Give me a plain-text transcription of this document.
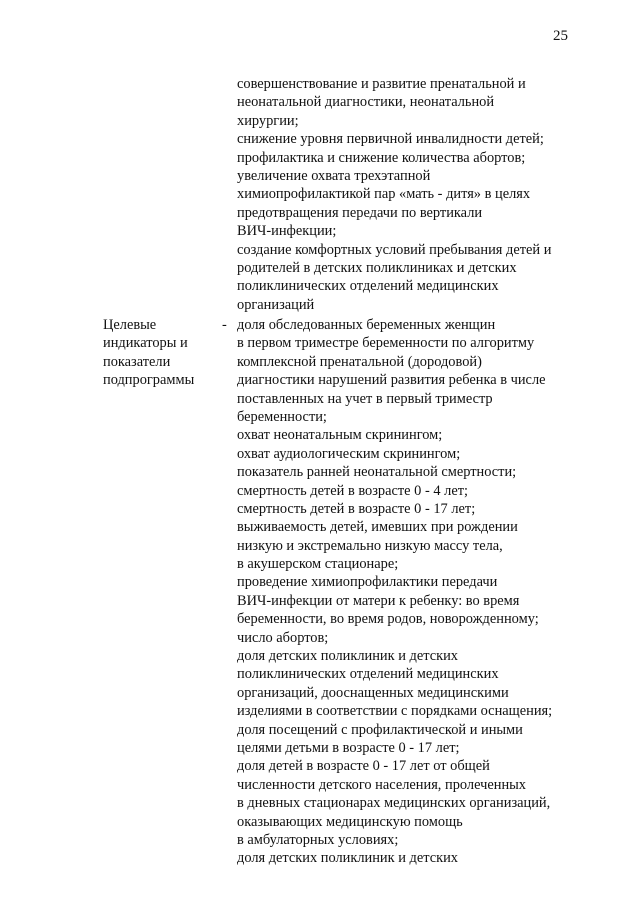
25
совершенствование и развитие пренатальной и
неонатальной диагностики, неонатальной
хирургии;
снижение уровня первичной инвалидности детей;
профилактика и снижение количества абортов;
увеличение охвата трехэтапной
химиопрофилактикой пар «мать - дитя» в целях
предотвращения передачи по вертикали
ВИЧ-инфекции;
создание комфортных условий пребывания детей и
родителей в детских поликлиниках и детских
поликлинических отделений медицинских
организаций
Целевые
индикаторы и
показатели
подпрограммы
- доля обследованных беременных женщин
в первом триместре беременности по алгоритму
комплексной пренатальной (дородовой)
диагностики нарушений развития ребенка в числе
поставленных на учет в первый триместр
беременности;
охват неонатальным скринингом;
охват аудиологическим скринингом;
показатель ранней неонатальной смертности;
смертность детей в возрасте 0 - 4 лет;
смертность детей в возрасте 0 - 17 лет;
выживаемость детей, имевших при рождении
низкую и экстремально низкую массу тела,
в акушерском стационаре;
проведение химиопрофилактики передачи
ВИЧ-инфекции от матери к ребенку: во время
беременности, во время родов, новорожденному;
число абортов;
доля детских поликлиник и детских
поликлинических отделений медицинских
организаций, дооснащенных медицинскими
изделиями в соответствии с порядками оснащения;
доля посещений с профилактической и иными
целями детьми в возрасте 0 - 17 лет;
доля детей в возрасте 0 - 17 лет от общей
численности детского населения, пролеченных
в дневных стационарах медицинских организаций,
оказывающих медицинскую помощь
в амбулаторных условиях;
доля детских поликлиник и детских
